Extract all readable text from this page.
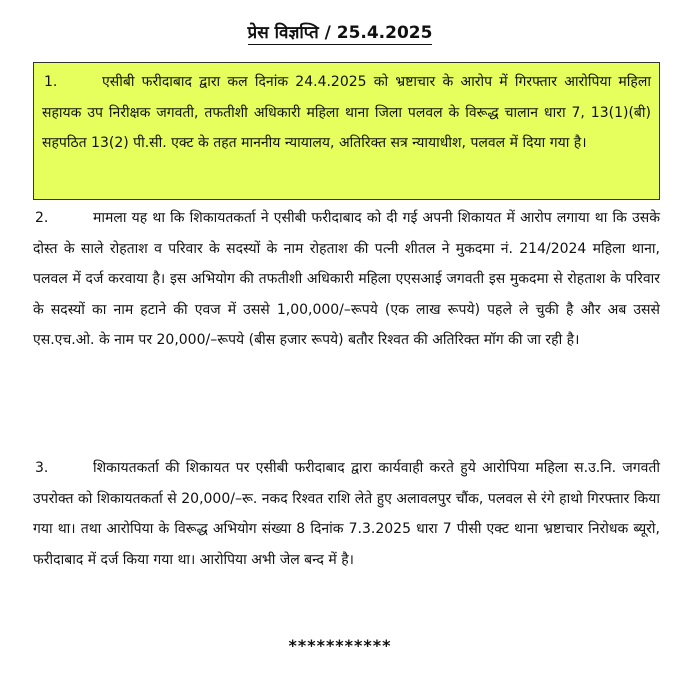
प्रेस विज्ञप्ति / 25.4.2025

1.	एसीबी फरीदाबाद द्वारा कल दिनांक 24.4.2025 को भ्रष्टाचार के आरोप में गिरफ्तार आरोपिया महिला सहायक उप निरीक्षक जगवती, तफतीशी अधिकारी महिला थाना जिला पलवल के विरूद्ध चालान धारा 7, 13(1)(बी) सहपठित 13(2) पी.सी. एक्ट के तहत माननीय न्यायालय, अतिरिक्त सत्र न्यायाधीश, पलवल में दिया गया है।

2.	मामला यह था कि शिकायतकर्ता ने एसीबी फरीदाबाद को दी गई अपनी शिकायत में आरोप लगाया था कि उसके दोस्त के साले रोहताश व परिवार के सदस्यों के नाम रोहताश की पत्नी शीतल ने मुकदमा नं. 214/2024 महिला थाना, पलवल में दर्ज करवाया है। इस अभियोग की तफतीशी अधिकारी महिला एएसआई जगवती इस मुकदमा से रोहताश के परिवार के सदस्यों का नाम हटाने की एवज में उससे 1,00,000/–रूपये (एक लाख रूपये) पहले ले चुकी है और अब उससे एस.एच.ओ. के नाम पर 20,000/–रूपये (बीस हजार रूपये) बतौर रिश्वत की अतिरिक्त मॉग की जा रही है।

3.	शिकायतकर्ता की शिकायत पर एसीबी फरीदाबाद द्वारा कार्यवाही करते हुये आरोपिया महिला स.उ.नि. जगवती उपरोक्त को शिकायतकर्ता से 20,000/–रू. नकद रिश्वत राशि लेते हुए अलावलपुर चौंक, पलवल से रंगे हाथो गिरफ्तार किया गया था। तथा आरोपिया के विरूद्ध अभियोग संख्या 8 दिनांक 7.3.2025 धारा 7 पीसी एक्ट थाना भ्रष्टाचार निरोधक ब्यूरो, फरीदाबाद में दर्ज किया गया था। आरोपिया अभी जेल बन्द में है।

***********
